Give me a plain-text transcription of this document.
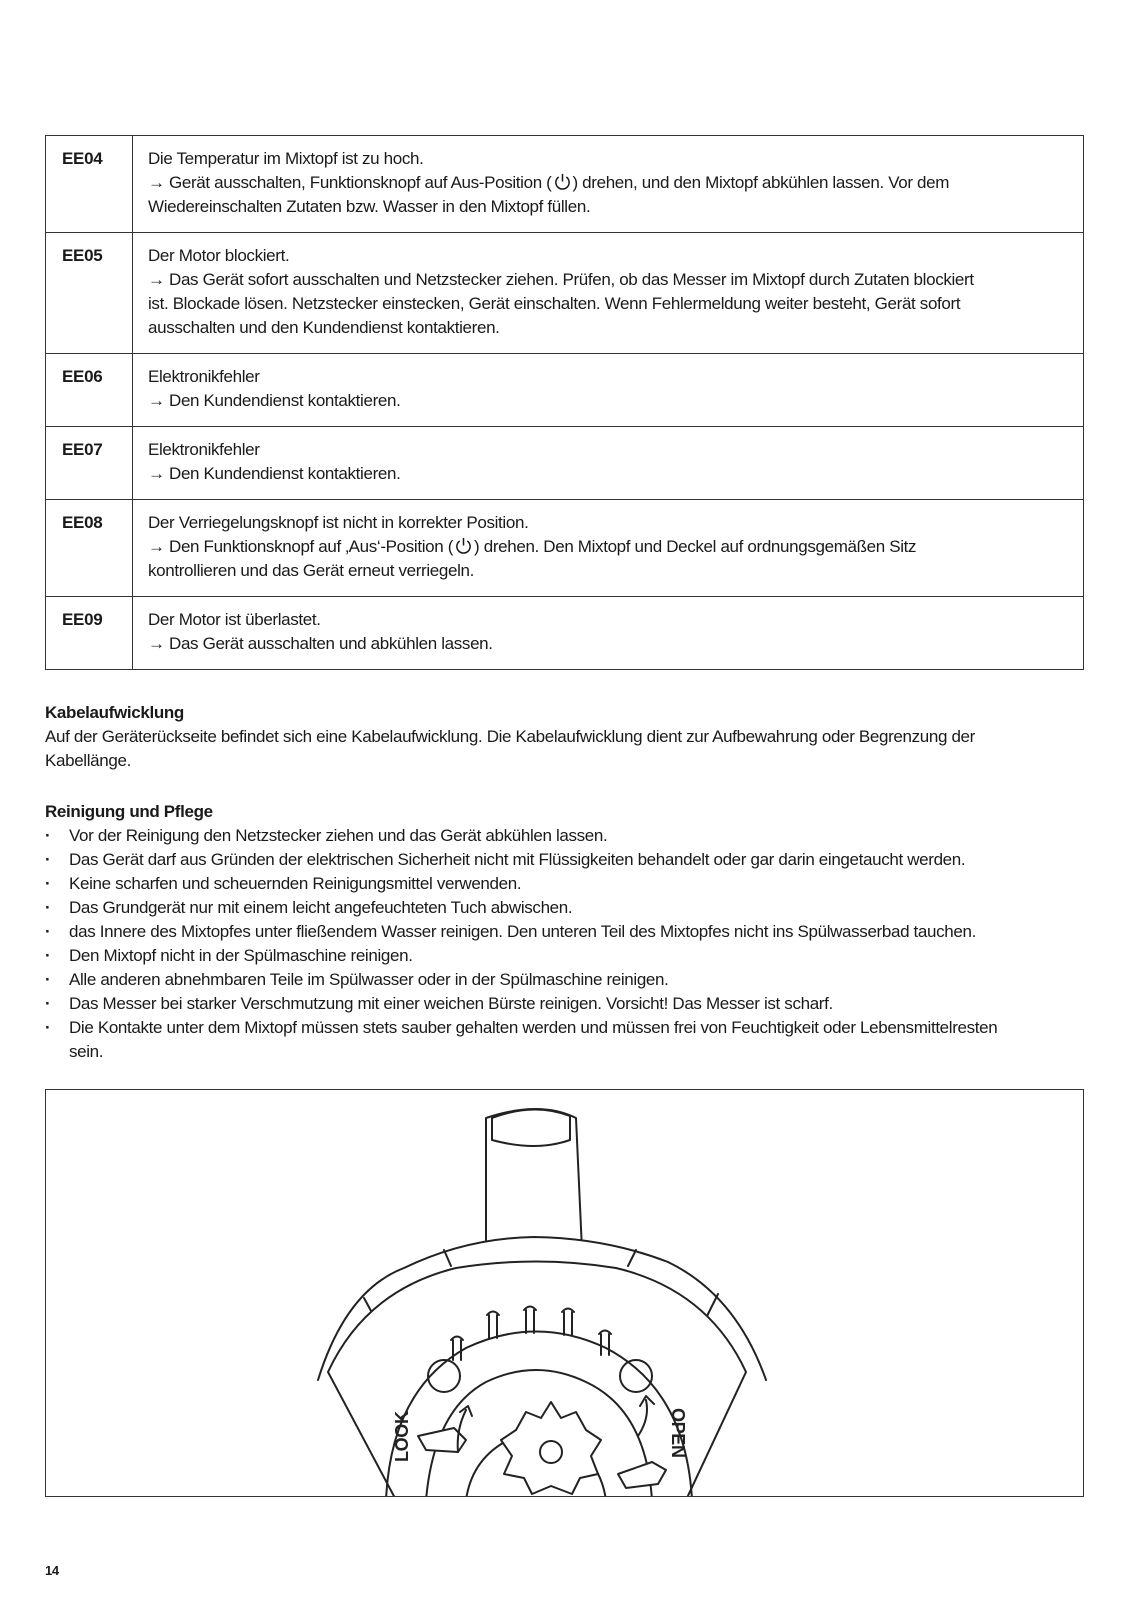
EE04	Die Temperatur im Mixtopf ist zu hoch.
→ Gerät ausschalten, Funktionsknopf auf Aus-Position ( ) drehen, und den Mixtopf abkühlen lassen. Vor dem
Wiedereinschalten Zutaten bzw. Wasser in den Mixtopf füllen.

EE05	Der Motor blockiert.
→ Das Gerät sofort ausschalten und Netzstecker ziehen. Prüfen, ob das Messer im Mixtopf durch Zutaten blockiert
ist. Blockade lösen. Netzstecker einstecken, Gerät einschalten. Wenn Fehlermeldung weiter besteht, Gerät sofort
ausschalten und den Kundendienst kontaktieren.

EE06	Elektronikfehler
→ Den Kundendienst kontaktieren.

EE07	Elektronikfehler
→ Den Kundendienst kontaktieren.

EE08	Der Verriegelungsknopf ist nicht in korrekter Position.
→ Den Funktionsknopf auf ‚Aus‘-Position ( ) drehen. Den Mixtopf und Deckel auf ordnungsgemäßen Sitz
kontrollieren und das Gerät erneut verriegeln.

EE09	Der Motor ist überlastet.
→ Das Gerät ausschalten und abkühlen lassen.
Kabelaufwicklung
Auf der Geräterückseite befindet sich eine Kabelaufwicklung. Die Kabelaufwicklung dient zur Aufbewahrung oder Begrenzung der
Kabellänge.
Reinigung und Pflege
· Vor der Reinigung den Netzstecker ziehen und das Gerät abkühlen lassen.
· Das Gerät darf aus Gründen der elektrischen Sicherheit nicht mit Flüssigkeiten behandelt oder gar darin eingetaucht werden.
· Keine scharfen und scheuernden Reinigungsmittel verwenden.
· Das Grundgerät nur mit einem leicht angefeuchteten Tuch abwischen.
· das Innere des Mixtopfes unter fließendem Wasser reinigen. Den unteren Teil des Mixtopfes nicht ins Spülwasserbad tauchen.
· Den Mixtopf nicht in der Spülmaschine reinigen.
· Alle anderen abnehmbaren Teile im Spülwasser oder in der Spülmaschine reinigen.
· Das Messer bei starker Verschmutzung mit einer weichen Bürste reinigen. Vorsicht! Das Messer ist scharf.
· Die Kontakte unter dem Mixtopf müssen stets sauber gehalten werden und müssen frei von Feuchtigkeit oder Lebensmittelresten
sein.
LOOK	OPEN
14
